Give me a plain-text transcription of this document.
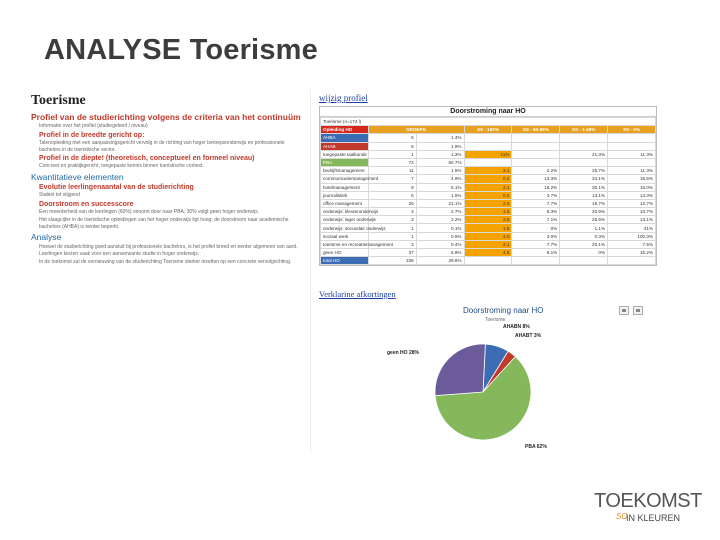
ANALYSE Toerisme
Toerisme
Profiel van de studierichting volgens de criteria van het continuüm
Informatie over het profiel (studiegebied / niveau)
Profiel in de breedte gericht op:
Talenopleiding met een aanpassingsgericht vervolg in de richting van hoger beroepsonderwijs en professionele bachelors in de toeristische sector.
Profiel in de diepte! (theoretisch, conceptueel en formeel niveau)
Concreet en praktijkgericht, toegepaste kennis binnen toeristische context.
Kwantitatieve elementen
Evolutie leerlingenaantal van de studierichting
Stabiel tot stijgend
Doorstroom en successcore
Een meerderheid van de leerlingen (60%) stroomt door naar PBA; 30% volgt geen hoger onderwijs.
Het slaagcijfer in de toeristische opleidingen van het hoger onderwijs ligt hoog; de doorstroom naar academische bachelors (AHBA) is eerder beperkt.
Analyse
Hoewel de studierichting goed aansluit bij professionele bachelors, is het profiel breed en eerder algemeen van aard.
Leerlingen kiezen vaak voor een aanverwante studie in hoger onderwijs.
In de toekomst zal de vernieuwing van de studierichting Toerisme sterker inzetten op een concrete vervolgrichting.
wijzig profiel
Doorstroming naar HO
Toerisme (n=174 l)						
Opleiding HO	GROEPG		SS - 100%	SS - 50-99%	SS - 1-49%	SS - 0%
AHBA	6	1.4%				
AHAB	5	1.9%				
toegepaste taalkunde	1	1.3%	11%		21.3%	11.3%
PBA	72	60.7%				
bedrijfsmanagement	11	1.5%	3.1	2.2%	25.7%	11.3%
communicatiemanagement	7	4.9%	0.2	13.3%	34.1%	16.5%
hotelmanagement	9	5.1%	2.1	16.2%	30.1%	15.0%
journalistiek	6	1.5%	0.0	3.7%	13.1%	14.3%
office management	26	21.1%	2.0	7.7%	18.7%	12.7%
onderwijs: kleuteronderwijs	4	2.7%	1.5	6.3%	20.9%	10.7%
onderwijs: lager onderwijs	3	2.2%	2.8	7.1%	25.6%	13.1%
onderwijs: secundair onderwijs	1	0.1%	1.5	0%	1.1%	41%
sociaal werk	1	0.5%	4.0	3.0%	0.3%	100.3%
toerisme en recreatiemanagement	3	0.4%	2.1	7.7%	20.1%	7.5%
geen HO	37	5.9%	4.5	6.1%	0%	15.2%
total HO	338	29.8%				
Verklarine afkortingen
Doorstroming naar HO
Toerisme
AHABN 8%
AHABT 3%
geen HO 28%
PBA 62%
TOEKOMST
SO
IN KLEUREN
